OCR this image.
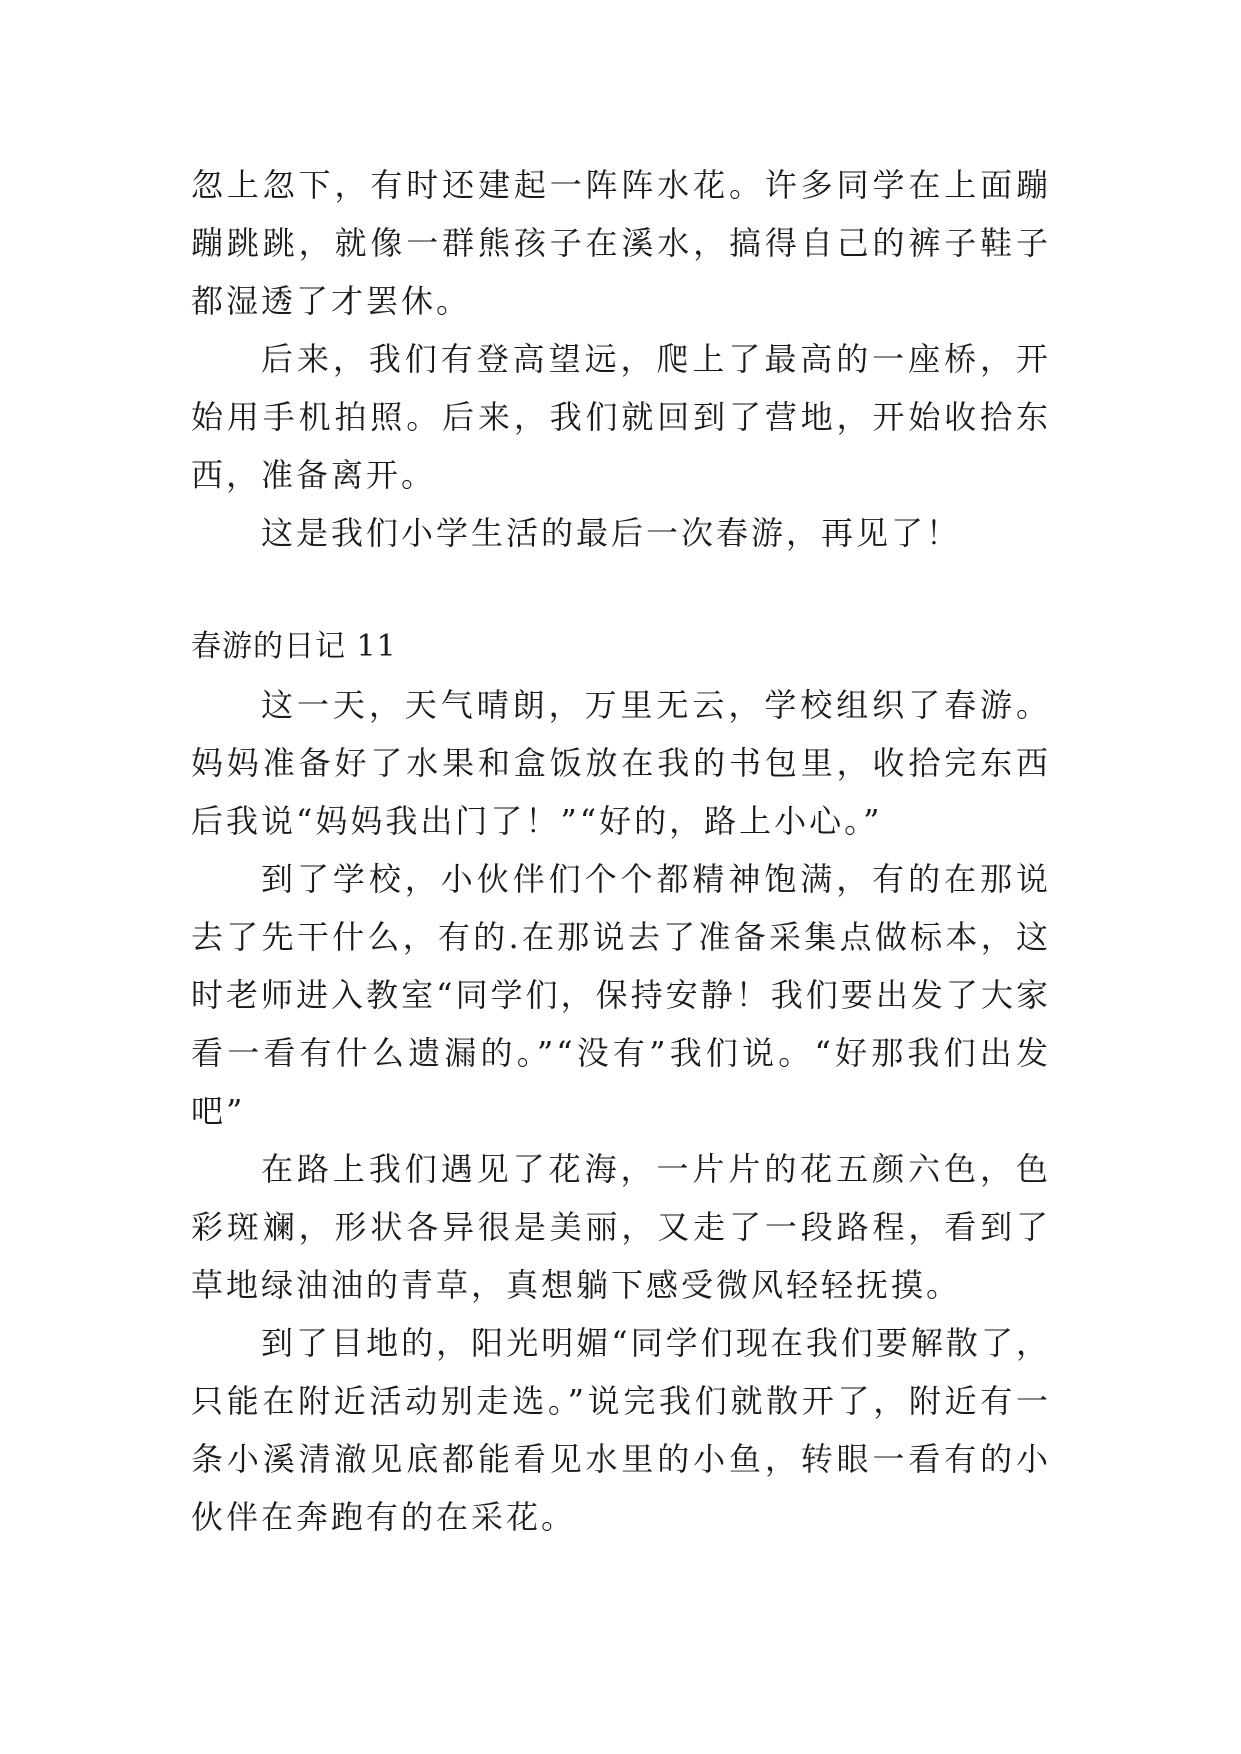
忽上忽下，有时还建起一阵阵水花。许多同学在上面蹦蹦跳跳，就像一群熊孩子在溪水，搞得自己的裤子鞋子都湿透了才罢休。

后来，我们有登高望远，爬上了最高的一座桥，开始用手机拍照。后来，我们就回到了营地，开始收拾东西，准备离开。

这是我们小学生活的最后一次春游，再见了！

春游的日记 11

这一天，天气晴朗，万里无云，学校组织了春游。妈妈准备好了水果和盒饭放在我的书包里，收拾完东西后我说“妈妈我出门了！”“好的，路上小心。”

到了学校，小伙伴们个个都精神饱满，有的在那说去了先干什么，有的.在那说去了准备采集点做标本，这时老师进入教室“同学们，保持安静！我们要出发了大家看一看有什么遗漏的。”“没有”我们说。“好那我们出发吧”

在路上我们遇见了花海，一片片的花五颜六色，色彩斑斓，形状各异很是美丽，又走了一段路程，看到了草地绿油油的青草，真想躺下感受微风轻轻抚摸。

到了目地的，阳光明媚“同学们现在我们要解散了，只能在附近活动别走选。”说完我们就散开了，附近有一条小溪清澈见底都能看见水里的小鱼，转眼一看有的小伙伴在奔跑有的在采花。
